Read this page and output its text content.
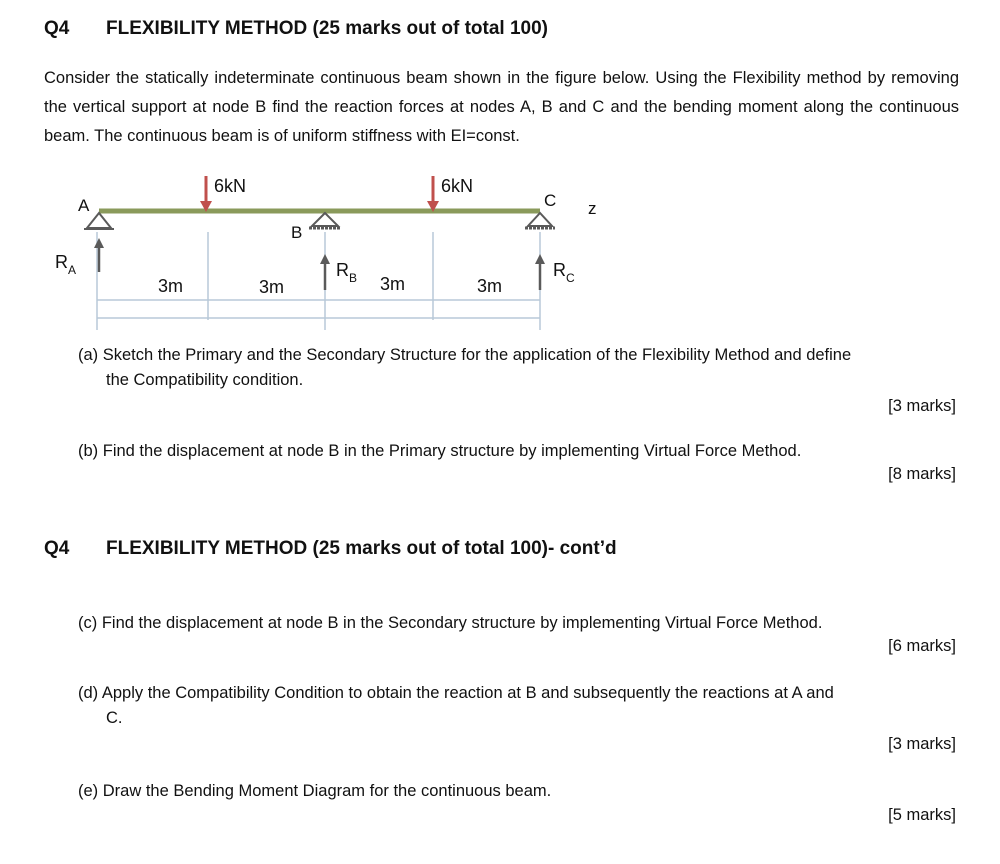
Q4 FLEXIBILITY METHOD (25 marks out of total 100)
Consider the statically indeterminate continuous beam shown in the figure below. Using the Flexibility method by removing the vertical support at node B find the reaction forces at nodes A, B and C and the bending moment along the continuous beam. The continuous beam is of uniform stiffness with EI=const.
6kN	6kN
A
B
C z
$R_A$	$R_B$	$R_C$
3m	3m	3m	3m
(a) Sketch the Primary and the Secondary Structure for the application of the Flexibility Method and define
the Compatibility condition.
[3 marks]
(b) Find the displacement at node B in the Primary structure by implementing Virtual Force Method.
[8 marks]
Q4 FLEXIBILITY METHOD (25 marks out of total 100)- cont’d
(c) Find the displacement at node B in the Secondary structure by implementing Virtual Force Method.
[6 marks]
(d) Apply the Compatibility Condition to obtain the reaction at B and subsequently the reactions at A and
C.
[3 marks]
(e) Draw the Bending Moment Diagram for the continuous beam.
[5 marks]
